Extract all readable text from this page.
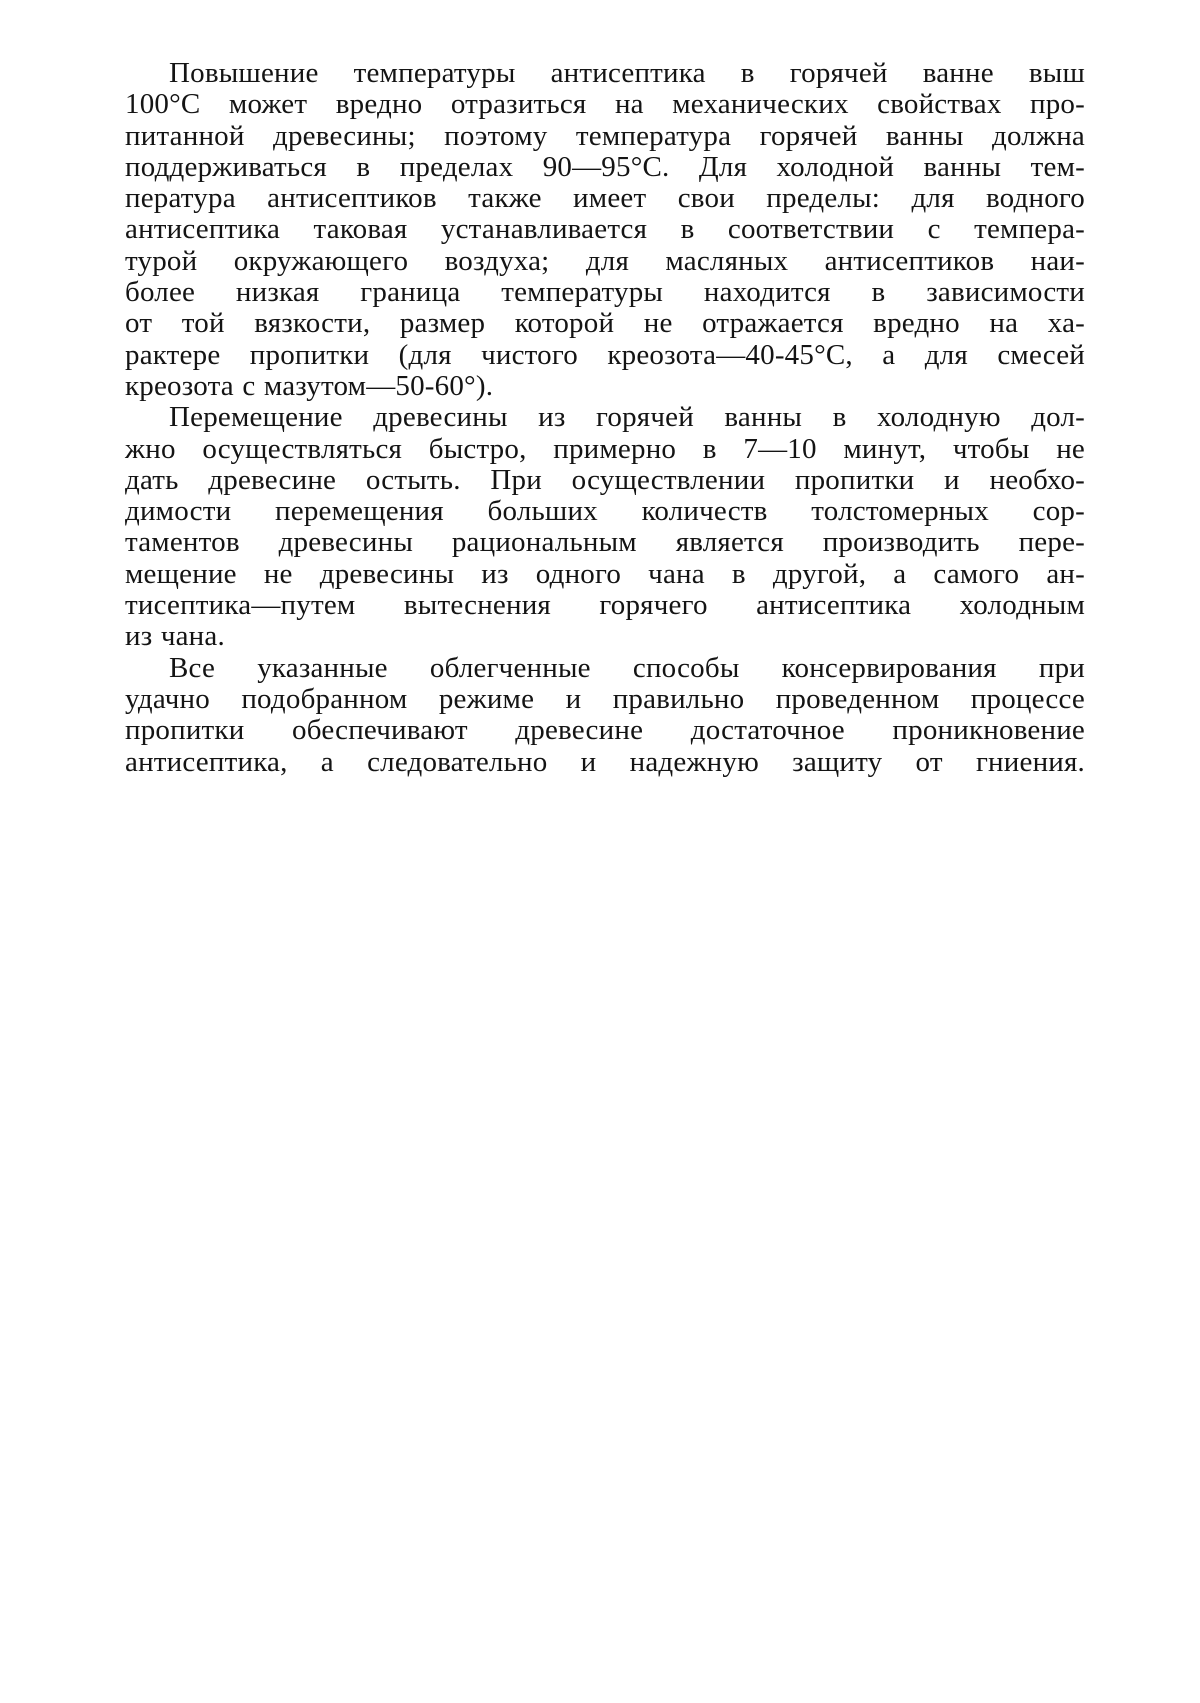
Повышение температуры антисептика в горячей ванне выш
100°С может вредно отразиться на механических свойствах про-
питанной древесины; поэтому температура горячей ванны должна
поддерживаться в пределах 90—95°С. Для холодной ванны тем-
пература антисептиков также имеет свои пределы: для водного
антисептика таковая устанавливается в соответствии с темпера-
турой окружающего воздуха; для масляных антисептиков наи-
более низкая граница температуры находится в зависимости
от той вязкости, размер которой не отражается вредно на ха-
рактере пропитки (для чистого креозота—40-45°С, а для смесей
креозота с мазутом—50-60°).
Перемещение древесины из горячей ванны в холодную дол-
жно осуществляться быстро, примерно в 7—10 минут, чтобы не
дать древесине остыть. При осуществлении пропитки и необхо-
димости перемещения больших количеств толстомерных сор-
таментов древесины рациональным является производить пере-
мещение не древесины из одного чана в другой, а самого ан-
тисептика—путем вытеснения горячего антисептика холодным
из чана.
Все указанные облегченные способы консервирования при
удачно подобранном режиме и правильно проведенном процессе
пропитки обеспечивают древесине достаточное проникновение
антисептика, а следовательно и надежную защиту от гниения.
